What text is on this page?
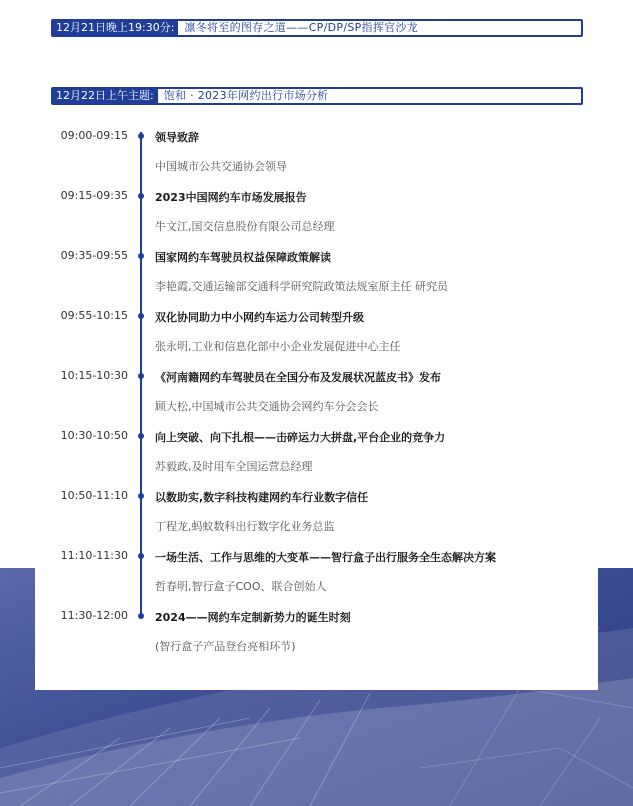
12月21日晚上19:30分: 凛冬将至的图存之道——CP/DP/SP指挥官沙龙
12月22日上午主题: 饱和 · 2023年网约出行市场分析
09:00-09:15 领导致辞
中国城市公共交通协会领导
09:15-09:35 2023中国网约车市场发展报告
牛文江,国交信息股份有限公司总经理
09:35-09:55 国家网约车驾驶员权益保障政策解读
李艳霞,交通运输部交通科学研究院政策法规室原主任 研究员
09:55-10:15 双化协同助力中小网约车运力公司转型升级
张永明,工业和信息化部中小企业发展促进中心主任
10:15-10:30 《河南籍网约车驾驶员在全国分布及发展状况蓝皮书》发布
顾大松,中国城市公共交通协会网约车分会会长
10:30-10:50 向上突破、向下扎根——击碎运力大拼盘,平台企业的竞争力
苏毅政,及时用车全国运营总经理
10:50-11:10 以数助实,数字科技构建网约车行业数字信任
丁程龙,蚂蚁数科出行数字化业务总监
11:10-11:30 一场生活、工作与思维的大变革——智行盒子出行服务全生态解决方案
哲春明,智行盒子COO、联合创始人
11:30-12:00 2024——网约车定制新势力的诞生时刻
(智行盒子产品登台亮相环节)
